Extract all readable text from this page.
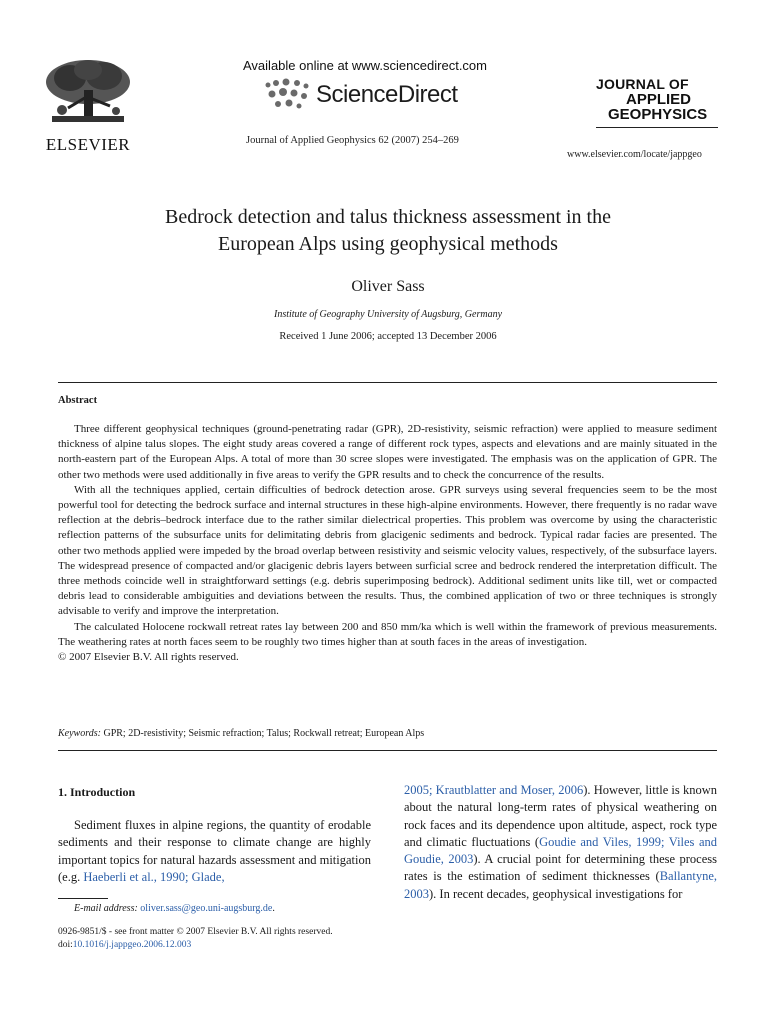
ELSEVIER
Available online at www.sciencedirect.com
ScienceDirect
Journal of Applied Geophysics 62 (2007) 254–269
JOURNAL OF
APPLIED
GEOPHYSICS
www.elsevier.com/locate/jappgeo
Bedrock detection and talus thickness assessment in the
European Alps using geophysical methods
Oliver Sass
Institute of Geography University of Augsburg, Germany
Received 1 June 2006; accepted 13 December 2006
Abstract

Three different geophysical techniques (ground-penetrating radar (GPR), 2D-resistivity, seismic refraction) were applied to measure sediment thickness of alpine talus slopes. The eight study areas covered a range of different rock types, aspects and elevations and are mainly situated in the north-eastern part of the European Alps. A total of more than 30 scree slopes were investigated. The emphasis was on the application of GPR. The other two methods were used additionally in five areas to verify the GPR results and to check the concurrence of the results.

With all the techniques applied, certain difficulties of bedrock detection arose. GPR surveys using several frequencies seem to be the most powerful tool for detecting the bedrock surface and internal structures in these high-alpine environments. However, there frequently is no radar wave reflection at the debris–bedrock interface due to the rather similar dielectrical properties. This problem was overcome by using the characteristic reflection patterns of the subsurface units for delimitating debris from glacigenic sediments and bedrock. Typical radar facies are presented. The other two methods applied were impeded by the broad overlap between resistivity and seismic velocity values, respectively, of the subsurface layers. The widespread presence of compacted and/or glacigenic debris layers between surficial scree and bedrock rendered the interpretation difficult. The three methods coincide well in straightforward settings (e.g. debris superimposing bedrock). Additional sediment units like till, wet or compacted debris lead to considerable ambiguities and deviations between the results. Thus, the combined application of two or three techniques is strongly advisable to verify and improve the interpretation.

The calculated Holocene rockwall retreat rates lay between 200 and 850 mm/ka which is well within the framework of previous measurements. The weathering rates at north faces seem to be roughly two times higher than at south faces in the areas of investigation.

© 2007 Elsevier B.V. All rights reserved.

Keywords: GPR; 2D-resistivity; Seismic refraction; Talus; Rockwall retreat; European Alps
1. Introduction

Sediment fluxes in alpine regions, the quantity of erodable sediments and their response to climate change are highly important topics for natural hazards assessment and mitigation (e.g. Haeberli et al., 1990; Glade,

2005; Krautblatter and Moser, 2006). However, little is known about the natural long-term rates of physical weathering on rock faces and its dependence upon altitude, aspect, rock type and climatic fluctuations (Goudie and Viles, 1999; Viles and Goudie, 2003). A crucial point for determining these process rates is the estimation of sediment thicknesses (Ballantyne, 2003). In recent decades, geophysical investigations for

E-mail address: oliver.sass@geo.uni-augsburg.de.
0926-9851/$ - see front matter © 2007 Elsevier B.V. All rights reserved.
doi:10.1016/j.jappgeo.2006.12.003
